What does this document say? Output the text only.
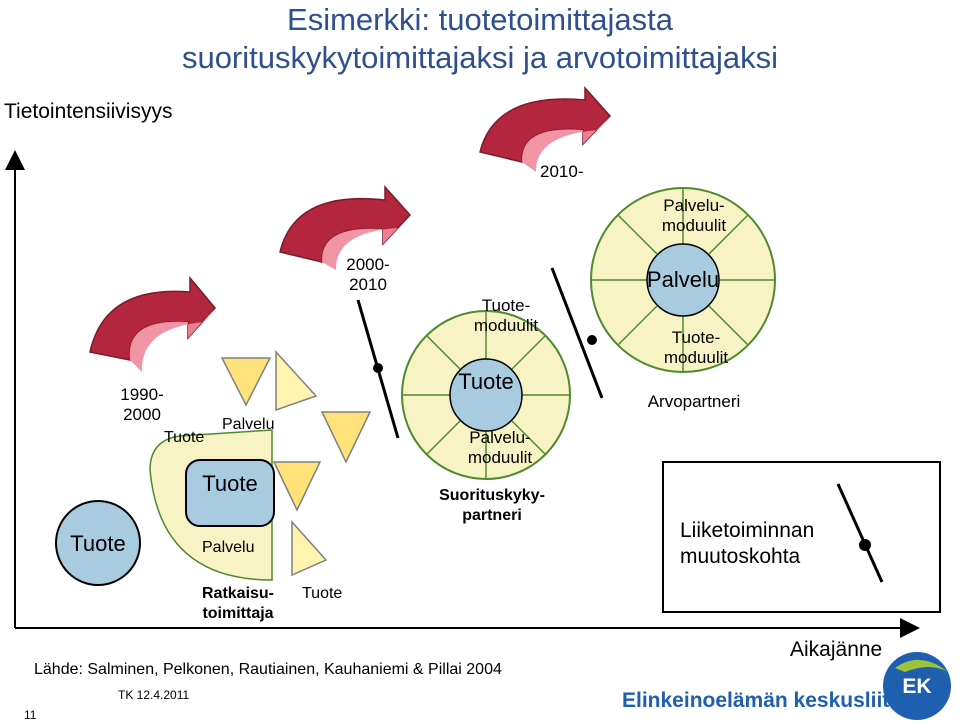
Esimerkki: tuotetoimittajasta
suorituskykytoimittajaksi ja arvotoimittajaksi
Tietointensiivisyys
1990-
2000
2000-
2010
2010-
Tuote
Tuote
Palvelu
Tuote
Palvelu
Tuote
Ratkaisu-
toimittaja
Tuote-
moduulit
Tuote
Palvelu-
moduulit
Suorituskyky-
partneri
Palvelu-
moduulit
Palvelu
Tuote-
moduulit
Arvopartneri
Liiketoiminnan
muutoskohta
Aikajänne
Lähde: Salminen, Pelkonen, Rautiainen, Kauhaniemi & Pillai 2004
TK 12.4.2011
11
Elinkeinoelämän keskusliitto
EK
